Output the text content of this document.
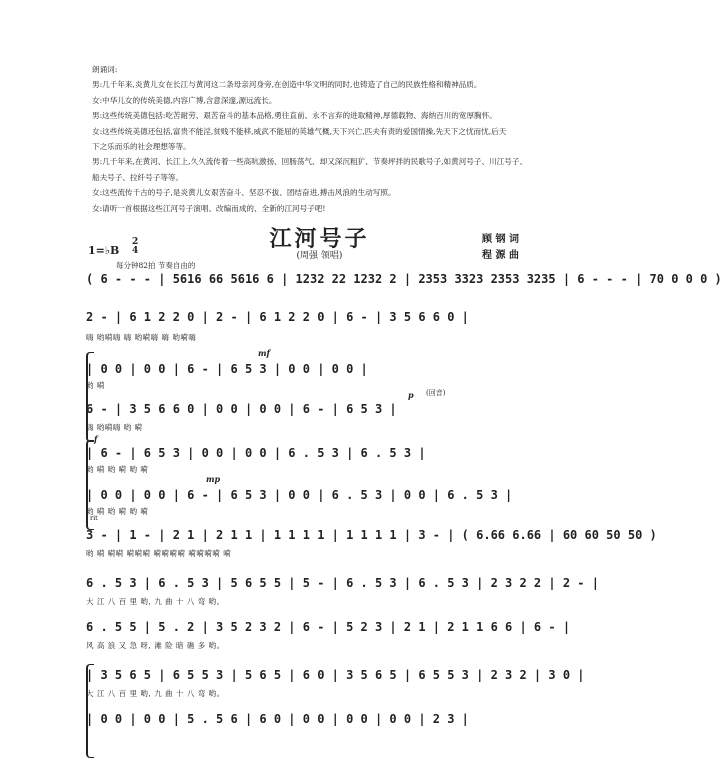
朗诵词:

男:几千年来,炎黄儿女在长江与黄河这二条母亲河身旁,在创造中华文明的同时,也铸造了自己的民族性格和精神品质。

女:中华儿女的传统美德,内容广博,含意深邃,源远流长。

男:这些传统美德包括:吃苦耐劳、艰苦奋斗的基本品格,勇往直前、永不言弃的进取精神,厚德载物、海纳百川的宽厚胸怀。

女:这些传统美德还包括,富贵不能淫,贫贱不能移,威武不能屈的英雄气概,天下兴亡,匹夫有责的爱国情操,先天下之忧而忧,后天

下之乐而乐的社会理想等等。

男:几千年来,在黄河、长江上,久久流传着一些高吭激扬、回肠荡气、却又深沉粗犷、节奏坪拌的民歌号子,如黄河号子、川江号子、

船夫号子、拉纤号子等等。

女:这些流传千古的号子,是炎黄儿女艰苦奋斗、坚忍不拔、团结奋进,搏击风浪的生动写照。

女:请听一首根据这些江河号子演唱、改编而成的、全新的江河号子吧!

江河号子
(周强 领唱)
顾 钢 词
程 源 曲
1=♭B
2
4
每分钟82拍 节奏自由的
( 6 - - - | 5616 66 5616 6 | 1232 22 1232 2 | 2353 3323 2353 3235 | 6 - - - | 70 0 0 0 )
2 - | 6 1 2 2 0 | 2 - | 6 1 2 2 0 | 6 - | 3 5 6 6 0 |
嗨 哟嗬嗨 嗨 哟嗬嗨 嗨 哟嗬嗨
mf
| 0 0 | 0 0 | 6 - | 6 5 3 | 0 0 | 0 0 |
哟 嗬
p (回音)
6 - | 3 5 6 6 0 | 0 0 | 0 0 | 6 - | 6 5 3 |
嗨 哟嗬嗨 哟 嗬
f
| 6 - | 6 5 3 | 0 0 | 0 0 | 6 . 5 3 | 6 . 5 3 |
哟 嗬 哟 嗬 哟 嗬
mp
| 0 0 | 0 0 | 6 - | 6 5 3 | 0 0 | 6 . 5 3 | 0 0 | 6 . 5 3 |
哟 嗬 哟 嗬 哟 嗬
rit
3 - | 1 - | 2 1 | 2 1 1 | 1 1 1 1 | 1 1 1 1 | 3 - | ( 6.66 6.66 | 60 60 50 50 )
哟 嗬 嗬嗬 嗬嗬嗬 嗬嗬嗬嗬 嗬嗬嗬嗬 嗬
6 . 5 3 | 6 . 5 3 | 5 6 5 5 | 5 - | 6 . 5 3 | 6 . 5 3 | 2 3 2 2 | 2 - |
大 江 八 百 里 哟, 九 曲 十 八 弯 哟。
6 . 5 5 | 5 . 2 | 3 5 2 3 2 | 6 - | 5 2 3 | 2 1 | 2 1 1 6 6 | 6 - |
风 高 浪 又 急 呀, 滩 险 暗 礁 多 哟。
| 3 5 6 5 | 6 5 5 3 | 5 6 5 | 6 0 | 3 5 6 5 | 6 5 5 3 | 2 3 2 | 3 0 |
大 江 八 百 里 哟, 九 曲 十 八 弯 哟。
| 0 0 | 0 0 | 5 . 5 6 | 6 0 | 0 0 | 0 0 | 0 0 | 2 3 |
